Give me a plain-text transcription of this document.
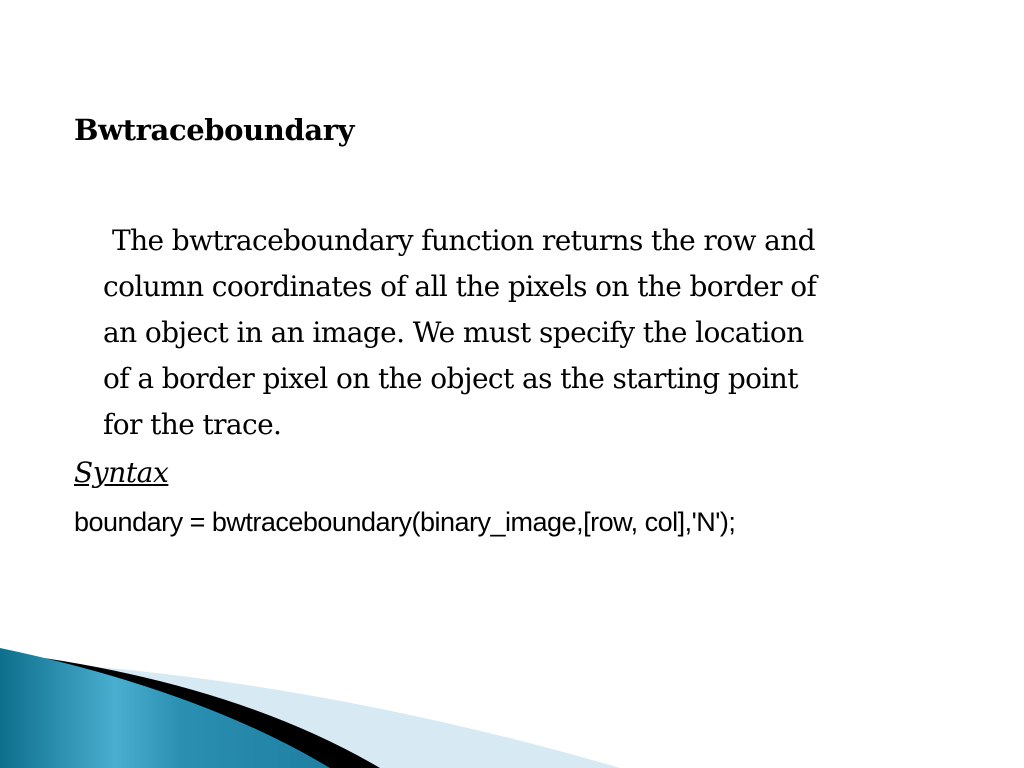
Bwtraceboundary
The bwtraceboundary function returns the row and
column coordinates of all the pixels on the border of
an object in an image. We must specify the location
of a border pixel on the object as the starting point
for the trace.
Syntax
boundary = bwtraceboundary(binary_image,[row, col],'N');
